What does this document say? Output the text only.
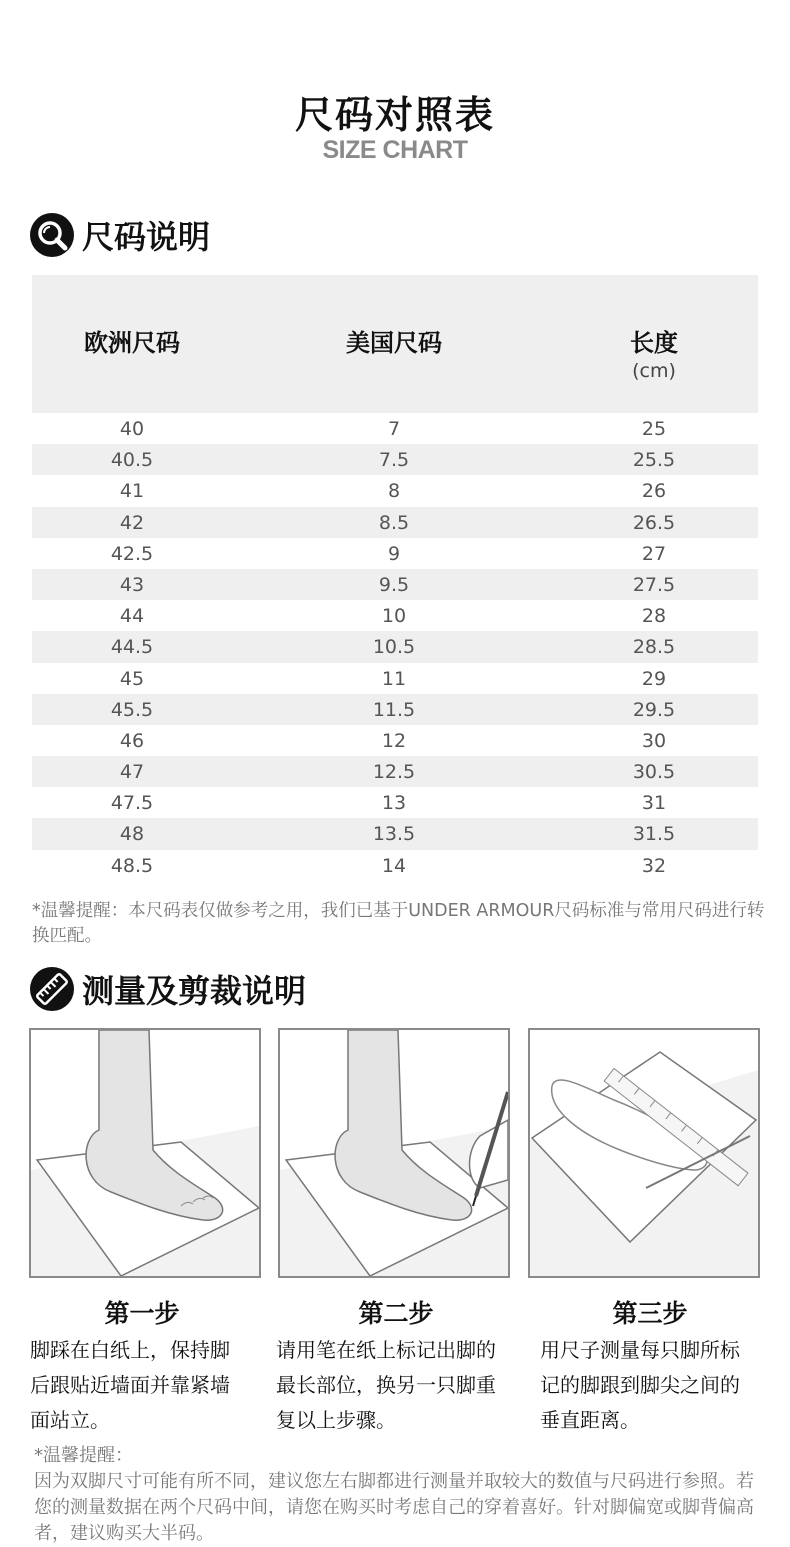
尺码对照表
SIZE CHART
尺码说明
欧洲尺码	美国尺码	长度
(cm)
40	7	25
40.5	7.5	25.5
41	8	26
42	8.5	26.5
42.5	9	27
43	9.5	27.5
44	10	28
44.5	10.5	28.5
45	11	29
45.5	11.5	29.5
46	12	30
47	12.5	30.5
47.5	13	31
48	13.5	31.5
48.5	14	32
*温馨提醒：本尺码表仅做参考之用，我们已基于UNDER ARMOUR尺码标准与常用尺码进行转换匹配。
测量及剪裁说明
第一步	第二步	第三步
脚踩在白纸上，保持脚后跟贴近墙面并靠紧墙面站立。
请用笔在纸上标记出脚的最长部位，换另一只脚重复以上步骤。
用尺子测量每只脚所标记的脚跟到脚尖之间的垂直距离。
*温馨提醒：
因为双脚尺寸可能有所不同，建议您左右脚都进行测量并取较大的数值与尺码进行参照。若您的测量数据在两个尺码中间，请您在购买时考虑自己的穿着喜好。针对脚偏宽或脚背偏高者，建议购买大半码。
